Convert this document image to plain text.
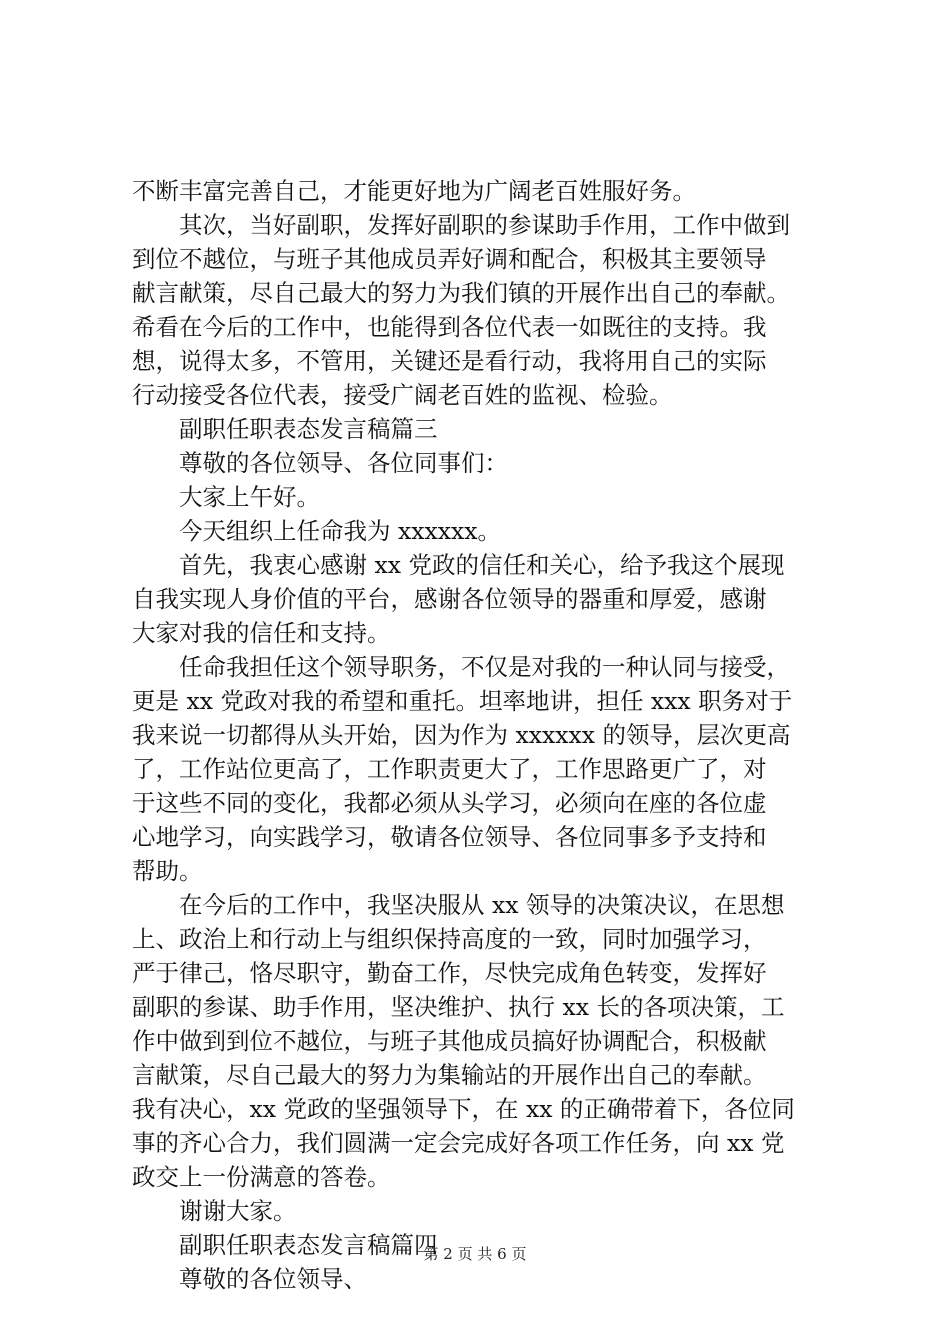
不断丰富完善自己，才能更好地为广阔老百姓服好务。
其次，当好副职，发挥好副职的参谋助手作用，工作中做到
到位不越位，与班子其他成员弄好调和配合，积极其主要领导
献言献策，尽自己最大的努力为我们镇的开展作出自己的奉献。
希看在今后的工作中，也能得到各位代表一如既往的支持。我
想，说得太多，不管用，关键还是看行动，我将用自己的实际
行动接受各位代表，接受广阔老百姓的监视、检验。
副职任职表态发言稿篇三
尊敬的各位领导、各位同事们：
大家上午好。
今天组织上任命我为 xxxxxx。
首先，我衷心感谢 xx 党政的信任和关心，给予我这个展现
自我实现人身价值的平台，感谢各位领导的器重和厚爱，感谢
大家对我的信任和支持。
任命我担任这个领导职务，不仅是对我的一种认同与接受，
更是 xx 党政对我的希望和重托。坦率地讲，担任 xxx 职务对于
我来说一切都得从头开始，因为作为 xxxxxx 的领导，层次更高
了，工作站位更高了，工作职责更大了，工作思路更广了，对
于这些不同的变化，我都必须从头学习，必须向在座的各位虚
心地学习，向实践学习，敬请各位领导、各位同事多予支持和
帮助。
在今后的工作中，我坚决服从 xx 领导的决策决议，在思想
上、政治上和行动上与组织保持高度的一致，同时加强学习，
严于律己，恪尽职守，勤奋工作，尽快完成角色转变，发挥好
副职的参谋、助手作用，坚决维护、执行 xx 长的各项决策，工
作中做到到位不越位，与班子其他成员搞好协调配合，积极献
言献策，尽自己最大的努力为集输站的开展作出自己的奉献。
我有决心，xx 党政的坚强领导下，在 xx 的正确带着下，各位同
事的齐心合力，我们圆满一定会完成好各项工作任务，向 xx 党
政交上一份满意的答卷。
谢谢大家。
副职任职表态发言稿篇四
尊敬的各位领导、
第 2 页 共 6 页
